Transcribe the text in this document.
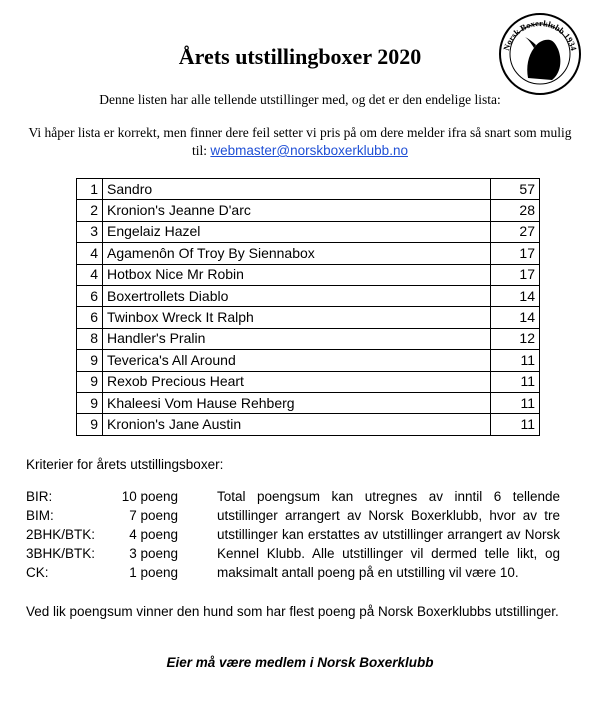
Norsk Boxerklubb 1934
Årets utstillingboxer 2020
Denne listen har alle tellende utstillinger med, og det er den endelige lista:
Vi håper lista er korrekt, men finner dere feil setter vi pris på om dere melder ifra så snart som mulig til: webmaster@norskboxerklubb.no
1	Sandro	57
2	Kronion's Jeanne D'arc	28
3	Engelaiz Hazel	27
4	Agamenôn Of Troy By Siennabox	17
4	Hotbox Nice Mr Robin	17
6	Boxertrollets Diablo	14
6	Twinbox Wreck It Ralph	14
8	Handler's Pralin	12
9	Teverica's All Around	11
9	Rexob Precious Heart	11
9	Khaleesi Vom Hause Rehberg	11
9	Kronion's Jane Austin	11
Kriterier for årets utstillingsboxer:
BIR:	10 poeng
BIM:	7 poeng
2BHK/BTK:	4 poeng
3BHK/BTK:	3 poeng
CK:	1 poeng
Total poengsum kan utregnes av inntil 6 tellende utstillinger arrangert av Norsk Boxerklubb, hvor av tre utstillinger kan erstattes av utstillinger arrangert av Norsk Kennel Klubb. Alle utstillinger vil dermed telle likt, og maksimalt antall poeng på en utstilling vil være 10.
Ved lik poengsum vinner den hund som har flest poeng på Norsk Boxerklubbs utstillinger.
Eier må være medlem i Norsk Boxerklubb
